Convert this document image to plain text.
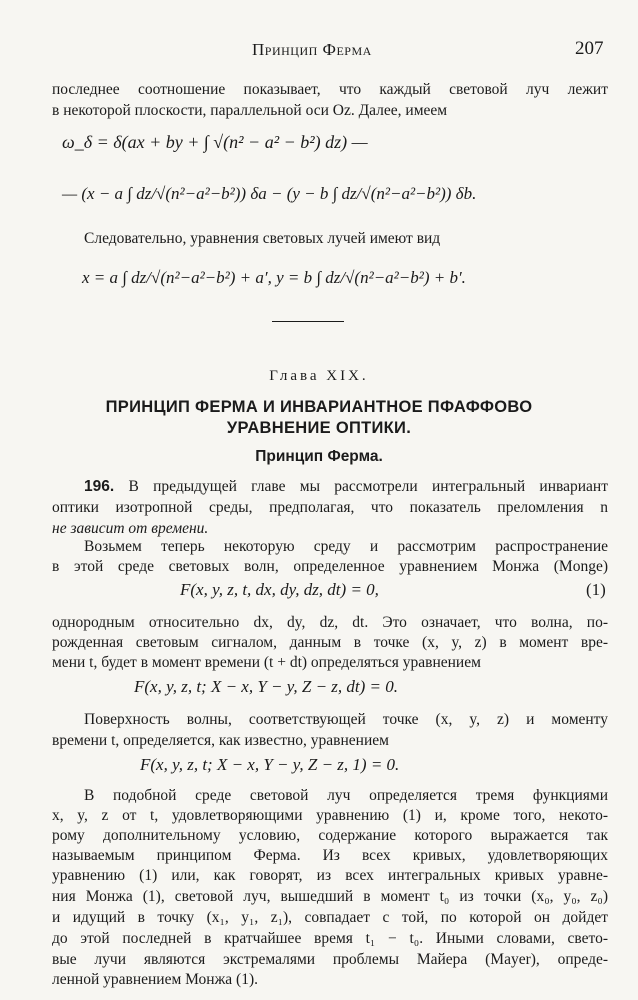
Принцип Ферма	207
последнее соотношение показывает, что каждый световой луч лежит
в некоторой плоскости, параллельной оси Oz. Далее, имеем
ω_δ = δ(ax + by + ∫ √(n² − a² − b²) dz) —
— (x − a ∫ dz/√(n²−a²−b²)) δa − (y − b ∫ dz/√(n²−a²−b²)) δb.
Следовательно, уравнения световых лучей имеют вид
x = a ∫ dz/√(n²−a²−b²) + a′, y = b ∫ dz/√(n²−a²−b²) + b′.
Глава XIX.
ПРИНЦИП ФЕРМА И ИНВАРИАНТНОЕ ПФАФФОВО
УРАВНЕНИЕ ОПТИКИ.
Принцип Ферма.
196. В предыдущей главе мы рассмотрели интегральный инвариант
оптики изотропной среды, предполагая, что показатель преломления n
не зависит от времени.
Возьмем теперь некоторую среду и рассмотрим распространение
в этой среде световых волн, определенное уравнением Монжа (Monge)
F(x, y, z, t, dx, dy, dz, dt) = 0,	(1)
однородным относительно dx, dy, dz, dt. Это означает, что волна, по-
рожденная световым сигналом, данным в точке (x, y, z) в момент вре-
мени t, будет в момент времени (t + dt) определяться уравнением
F(x, y, z, t; X − x, Y − y, Z − z, dt) = 0.
Поверхность волны, соответствующей точке (x, y, z) и моменту
времени t, определяется, как известно, уравнением
F(x, y, z, t; X − x, Y − y, Z − z, 1) = 0.
В подобной среде световой луч определяется тремя функциями
x, y, z от t, удовлетворяющими уравнению (1) и, кроме того, некото-
рому дополнительному условию, содержание которого выражается так
называемым принципом Ферма. Из всех кривых, удовлетворяющих
уравнению (1) или, как говорят, из всех интегральных кривых уравне-
ния Монжа (1), световой луч, вышедший в момент t₀ из точки (x₀, y₀, z₀)
и идущий в точку (x₁, y₁, z₁), совпадает с той, по которой он дойдет
до этой последней в кратчайшее время t₁ − t₀. Иными словами, свето-
вые лучи являются экстремалями проблемы Майера (Mayer), опреде-
ленной уравнением Монжа (1).
